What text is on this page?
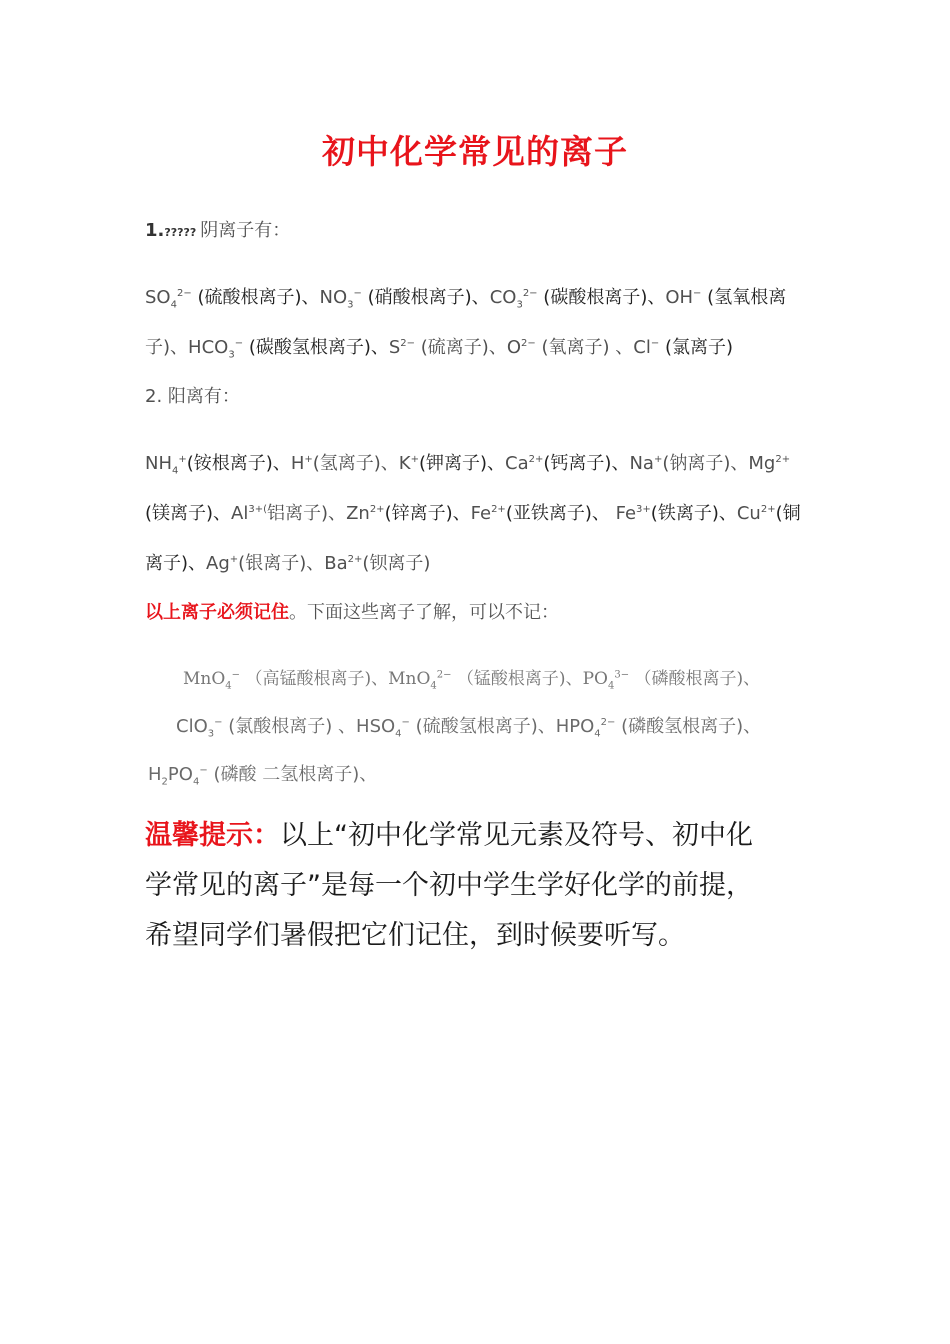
初中化学常见的离子
1.????? 阴离子有：
$SO_4^{2-}$ (硫酸根离子)、$NO_3^-$ (硝酸根离子)、$CO_3^{2-}$ (碳酸根离子)、OH− (氢氧根离
子)、$HCO_3^-$ (碳酸氢根离子)、$S^{2-}$ (硫离子)、$O^{2-}$ (氧离子) 、Cl− (氯离子)
2. 阳离有：
$NH_4^+$(铵根离子)、H+(氢离子)、K+(钾离子)、$Ca^{2+}$(钙离子)、Na+(钠离子)、$Mg^{2+}$
(镁离子)、$Al^{3+(}$铝离子)、$Zn^{2+}$(锌离子)、$Fe^{2+}$(亚铁离子)、 $Fe^{3+}$(铁离子)、$Cu^{2+}$(铜
离子)、Ag+(银离子)、$Ba^{2+}$(钡离子)
以上离子必须记住。下面这些离子了解，可以不记：
MnO$_4$− （高锰酸根离子)、MnO$_4^{2-}$ （锰酸根离子)、$PO_4^{3-}$ （磷酸根离子)、
ClO$_3$− (氯酸根离子) 、$HSO_4^-$ (硫酸氢根离子)、$HPO_4^{2-}$ (磷酸氢根离子)、
$H_2PO_4^-$ (磷酸 二氢根离子)、
温馨提示：以上“初中化学常见元素及符号、初中化
学常见的离子”是每一个初中学生学好化学的前提，
希望同学们暑假把它们记住，到时候要听写。
